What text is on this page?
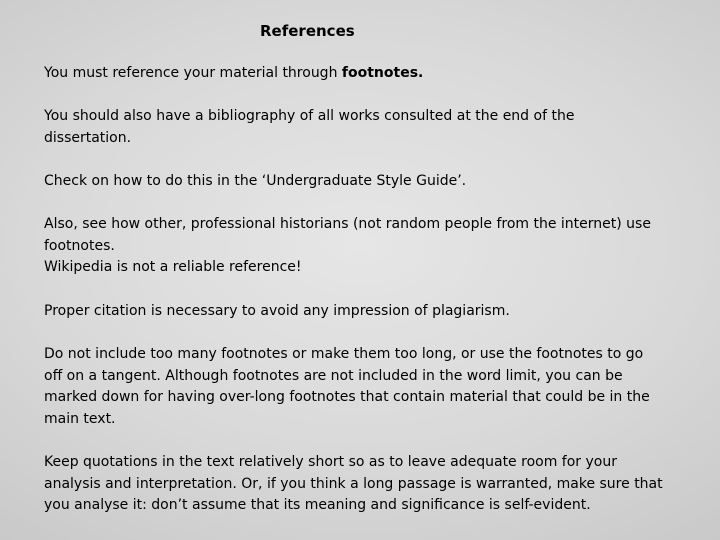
References

You must reference your material through footnotes.

You should also have a bibliography of all works consulted at the end of the
dissertation.

Check on how to do this in the ‘Undergraduate Style Guide’.

Also, see how other, professional historians (not random people from the internet) use
footnotes.
Wikipedia is not a reliable reference!

Proper citation is necessary to avoid any impression of plagiarism.

Do not include too many footnotes or make them too long, or use the footnotes to go
off on a tangent. Although footnotes are not included in the word limit, you can be
marked down for having over-long footnotes that contain material that could be in the
main text.

Keep quotations in the text relatively short so as to leave adequate room for your
analysis and interpretation. Or, if you think a long passage is warranted, make sure that
you analyse it: don’t assume that its meaning and significance is self-evident.
